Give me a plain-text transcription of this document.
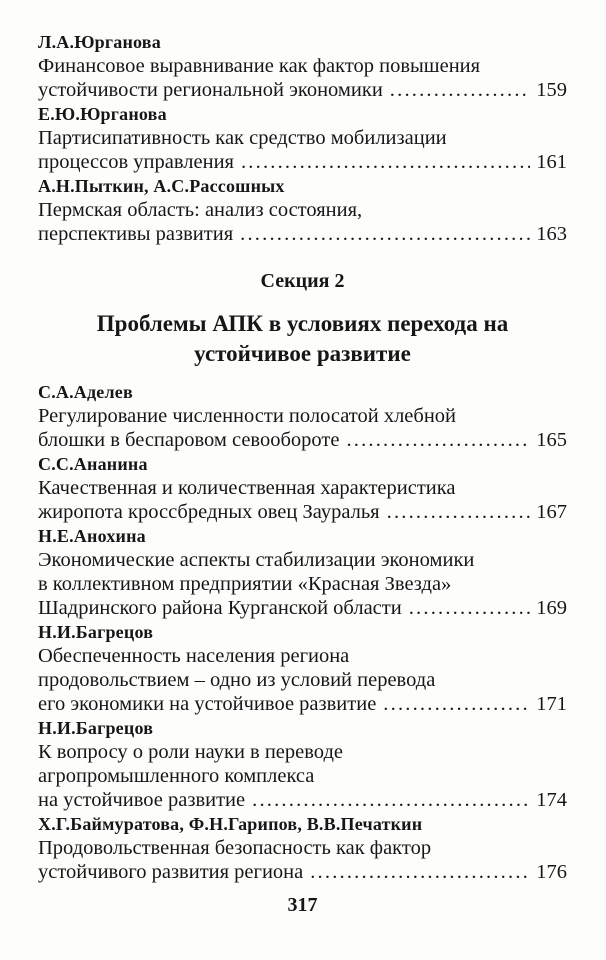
Л.А.Юрганова
Финансовое выравнивание как фактор повышения
устойчивости региональной экономики .....	159
Е.Ю.Юрганова
Партисипативность как средство мобилизации
процессов управления .....	161
А.Н.Пыткин, А.С.Рассошных
Пермская область: анализ состояния,
перспективы развития .....	163
Секция 2
Проблемы АПК в условиях перехода на устойчивое развитие
С.А.Аделев
Регулирование численности полосатой хлебной
блошки в беспаровом севообороте .....	165
С.С.Ананина
Качественная и количественная характеристика
жиропота кроссбредных овец Зауралья .....	167
Н.Е.Анохина
Экономические аспекты стабилизации экономики
в коллективном предприятии «Красная Звезда»
Шадринского района Курганской области .....	169
Н.И.Багрецов
Обеспеченность населения региона
продовольствием – одно из условий перевода
его экономики на устойчивое развитие .....	171
Н.И.Багрецов
К вопросу о роли науки в переводе
агропромышленного комплекса
на устойчивое развитие .....	174
Х.Г.Баймуратова, Ф.Н.Гарипов, В.В.Печаткин
Продовольственная безопасность как фактор
устойчивого развития региона .....	176
317
